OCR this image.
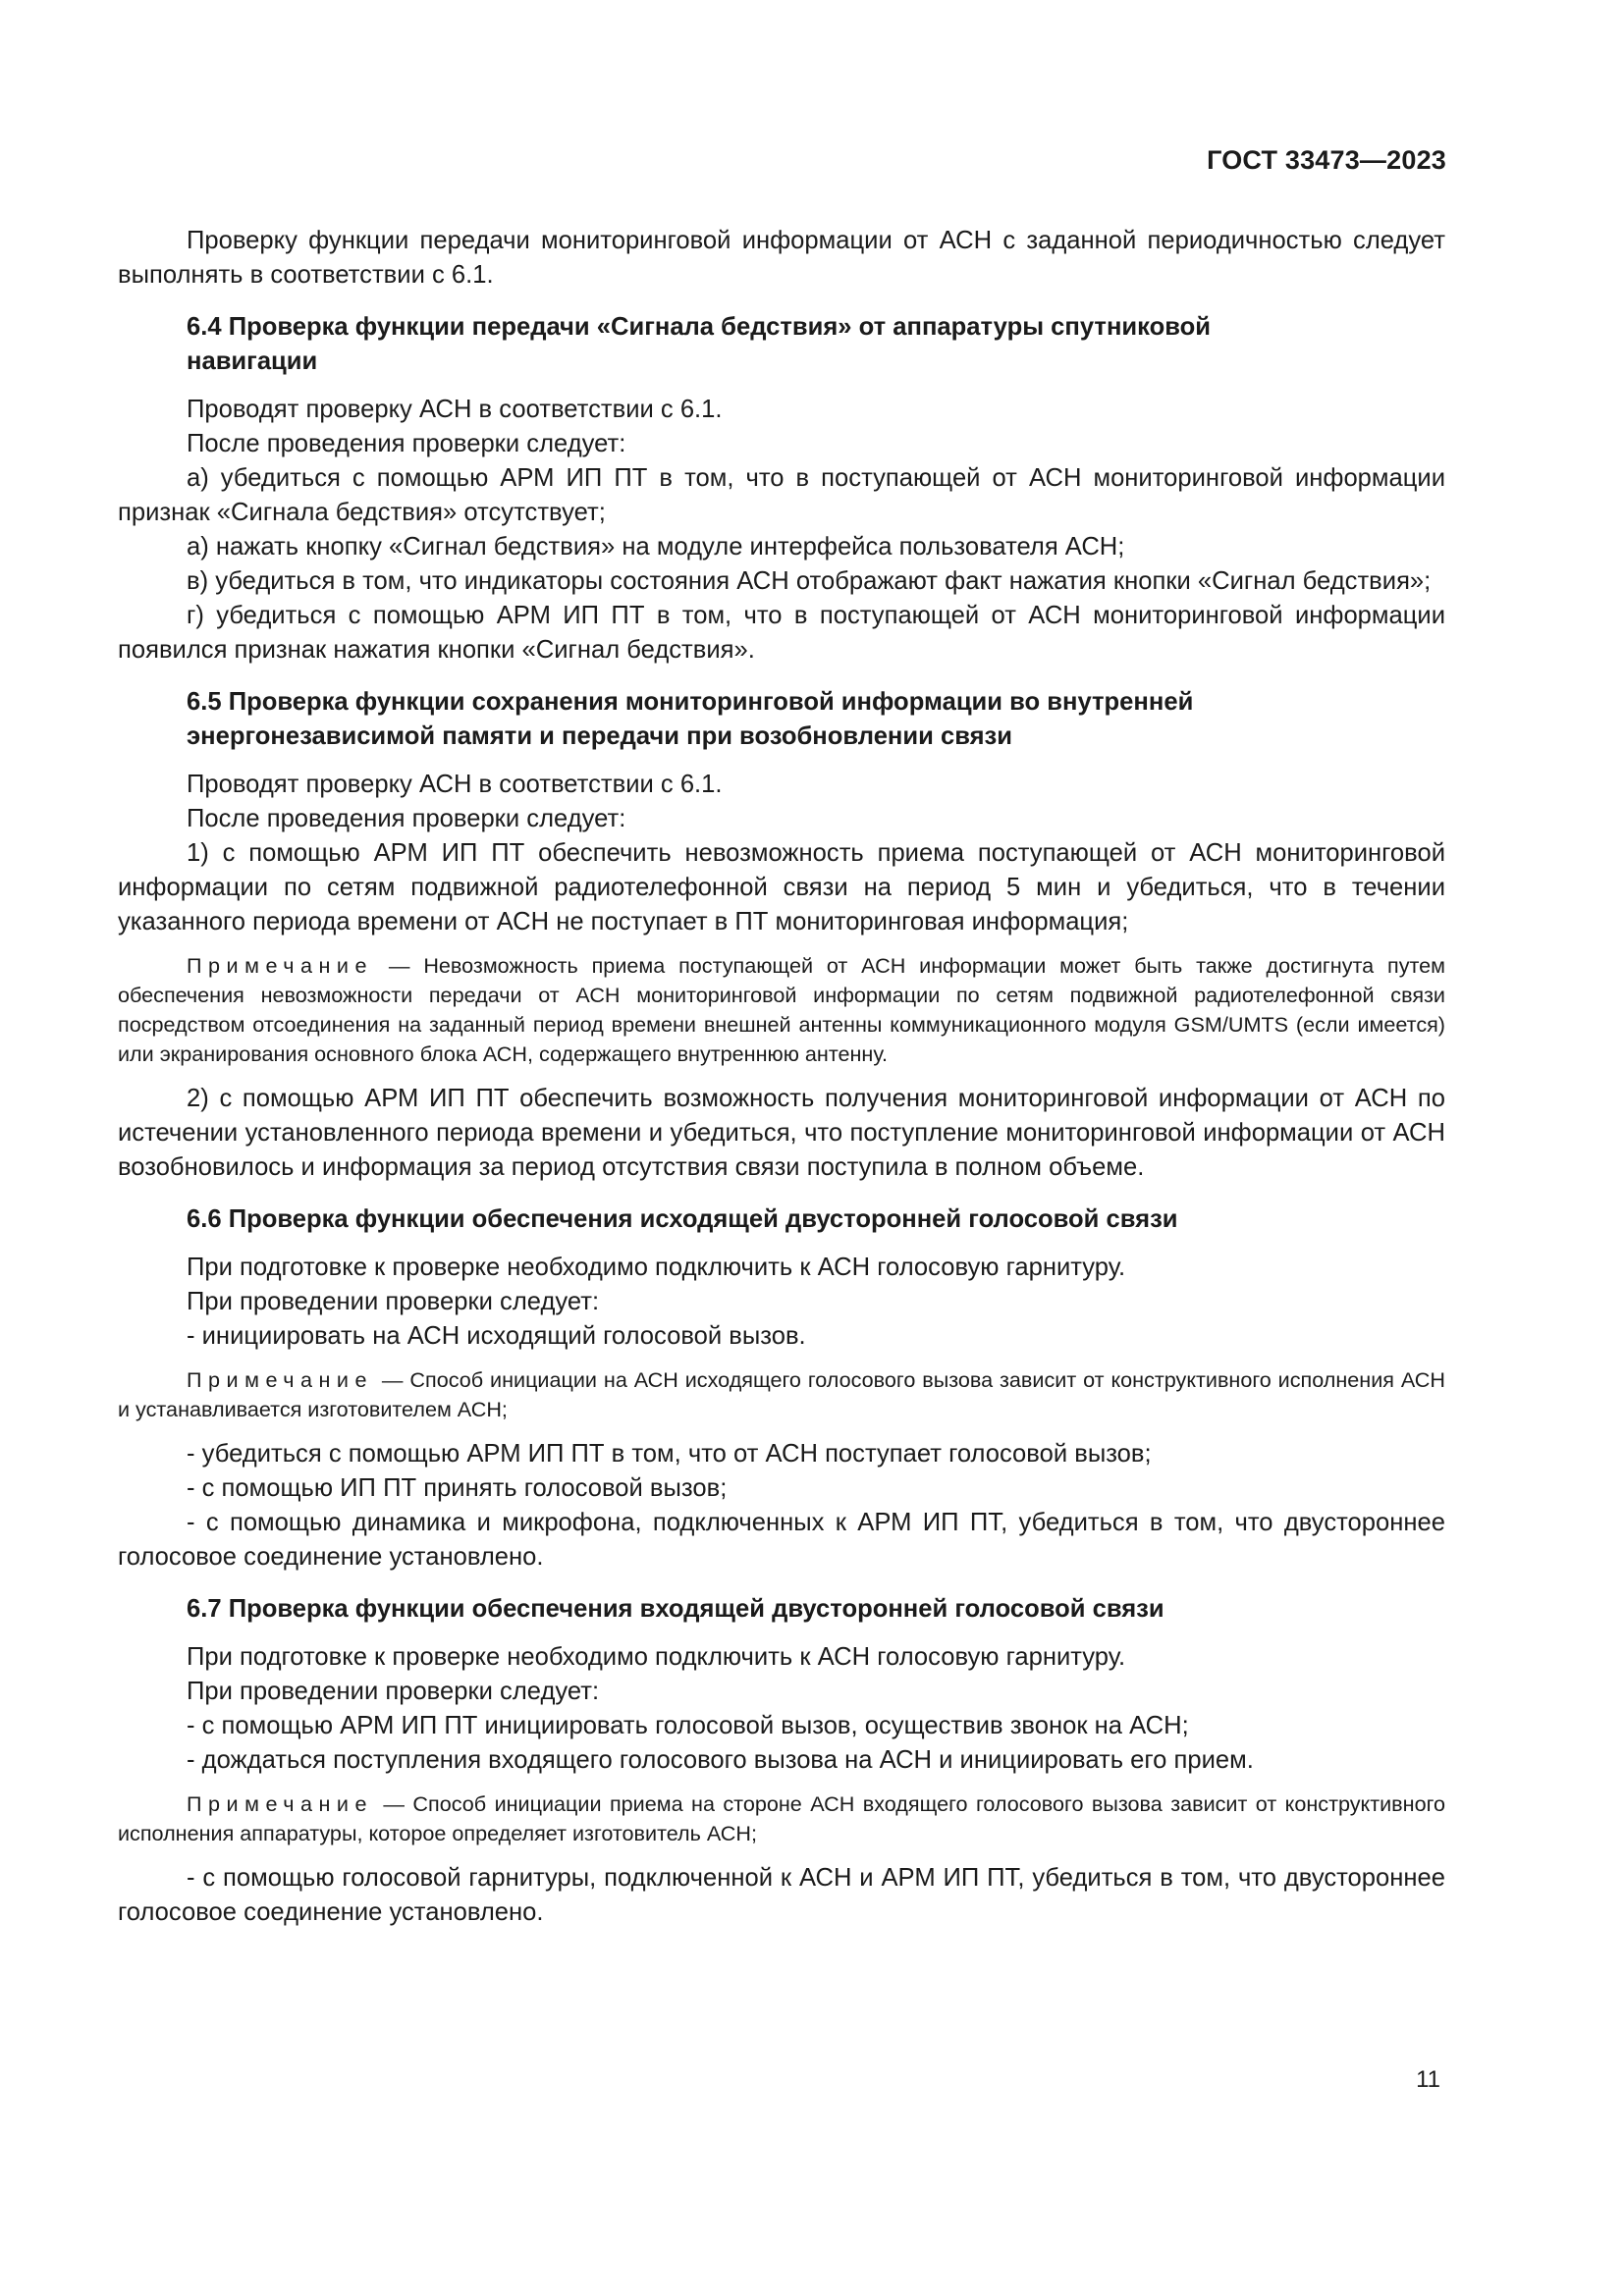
ГОСТ 33473—2023

Проверку функции передачи мониторинговой информации от АСН с заданной периодичностью следует выполнять в соответствии с 6.1.

6.4 Проверка функции передачи «Сигнала бедствия» от аппаратуры спутниковой навигации

Проводят проверку АСН в соответствии с 6.1.

После проведения проверки следует:

а) убедиться с помощью АРМ ИП ПТ в том, что в поступающей от АСН мониторинговой информации признак «Сигнала бедствия» отсутствует;

а) нажать кнопку «Сигнал бедствия» на модуле интерфейса пользователя АСН;

в) убедиться в том, что индикаторы состояния АСН отображают факт нажатия кнопки «Сигнал бедствия»;

г) убедиться с помощью АРМ ИП ПТ в том, что в поступающей от АСН мониторинговой информации появился признак нажатия кнопки «Сигнал бедствия».

6.5 Проверка функции сохранения мониторинговой информации во внутренней энергонезависимой памяти и передачи при возобновлении связи

Проводят проверку АСН в соответствии с 6.1.

После проведения проверки следует:

1) с помощью АРМ ИП ПТ обеспечить невозможность приема поступающей от АСН мониторинговой информации по сетям подвижной радиотелефонной связи на период 5 мин и убедиться, что в течении указанного периода времени от АСН не поступает в ПТ мониторинговая информация;

Примечание — Невозможность приема поступающей от АСН информации может быть также достигнута путем обеспечения невозможности передачи от АСН мониторинговой информации по сетям подвижной радиотелефонной связи посредством отсоединения на заданный период времени внешней антенны коммуникационного модуля GSM/UMTS (если имеется) или экранирования основного блока АСН, содержащего внутреннюю антенну.

2) с помощью АРМ ИП ПТ обеспечить возможность получения мониторинговой информации от АСН по истечении установленного периода времени и убедиться, что поступление мониторинговой информации от АСН возобновилось и информация за период отсутствия связи поступила в полном объеме.

6.6 Проверка функции обеспечения исходящей двусторонней голосовой связи

При подготовке к проверке необходимо подключить к АСН голосовую гарнитуру.

При проведении проверки следует:

- инициировать на АСН исходящий голосовой вызов.

Примечание — Способ инициации на АСН исходящего голосового вызова зависит от конструктивного исполнения АСН и устанавливается изготовителем АСН;

- убедиться с помощью АРМ ИП ПТ в том, что от АСН поступает голосовой вызов;

- с помощью ИП ПТ принять голосовой вызов;

- с помощью динамика и микрофона, подключенных к АРМ ИП ПТ, убедиться в том, что двустороннее голосовое соединение установлено.

6.7 Проверка функции обеспечения входящей двусторонней голосовой связи

При подготовке к проверке необходимо подключить к АСН голосовую гарнитуру.

При проведении проверки следует:

- с помощью АРМ ИП ПТ инициировать голосовой вызов, осуществив звонок на АСН;

- дождаться поступления входящего голосового вызова на АСН и инициировать его прием.

Примечание — Способ инициации приема на стороне АСН входящего голосового вызова зависит от конструктивного исполнения аппаратуры, которое определяет изготовитель АСН;

- с помощью голосовой гарнитуры, подключенной к АСН и АРМ ИП ПТ, убедиться в том, что двустороннее голосовое соединение установлено.

11
